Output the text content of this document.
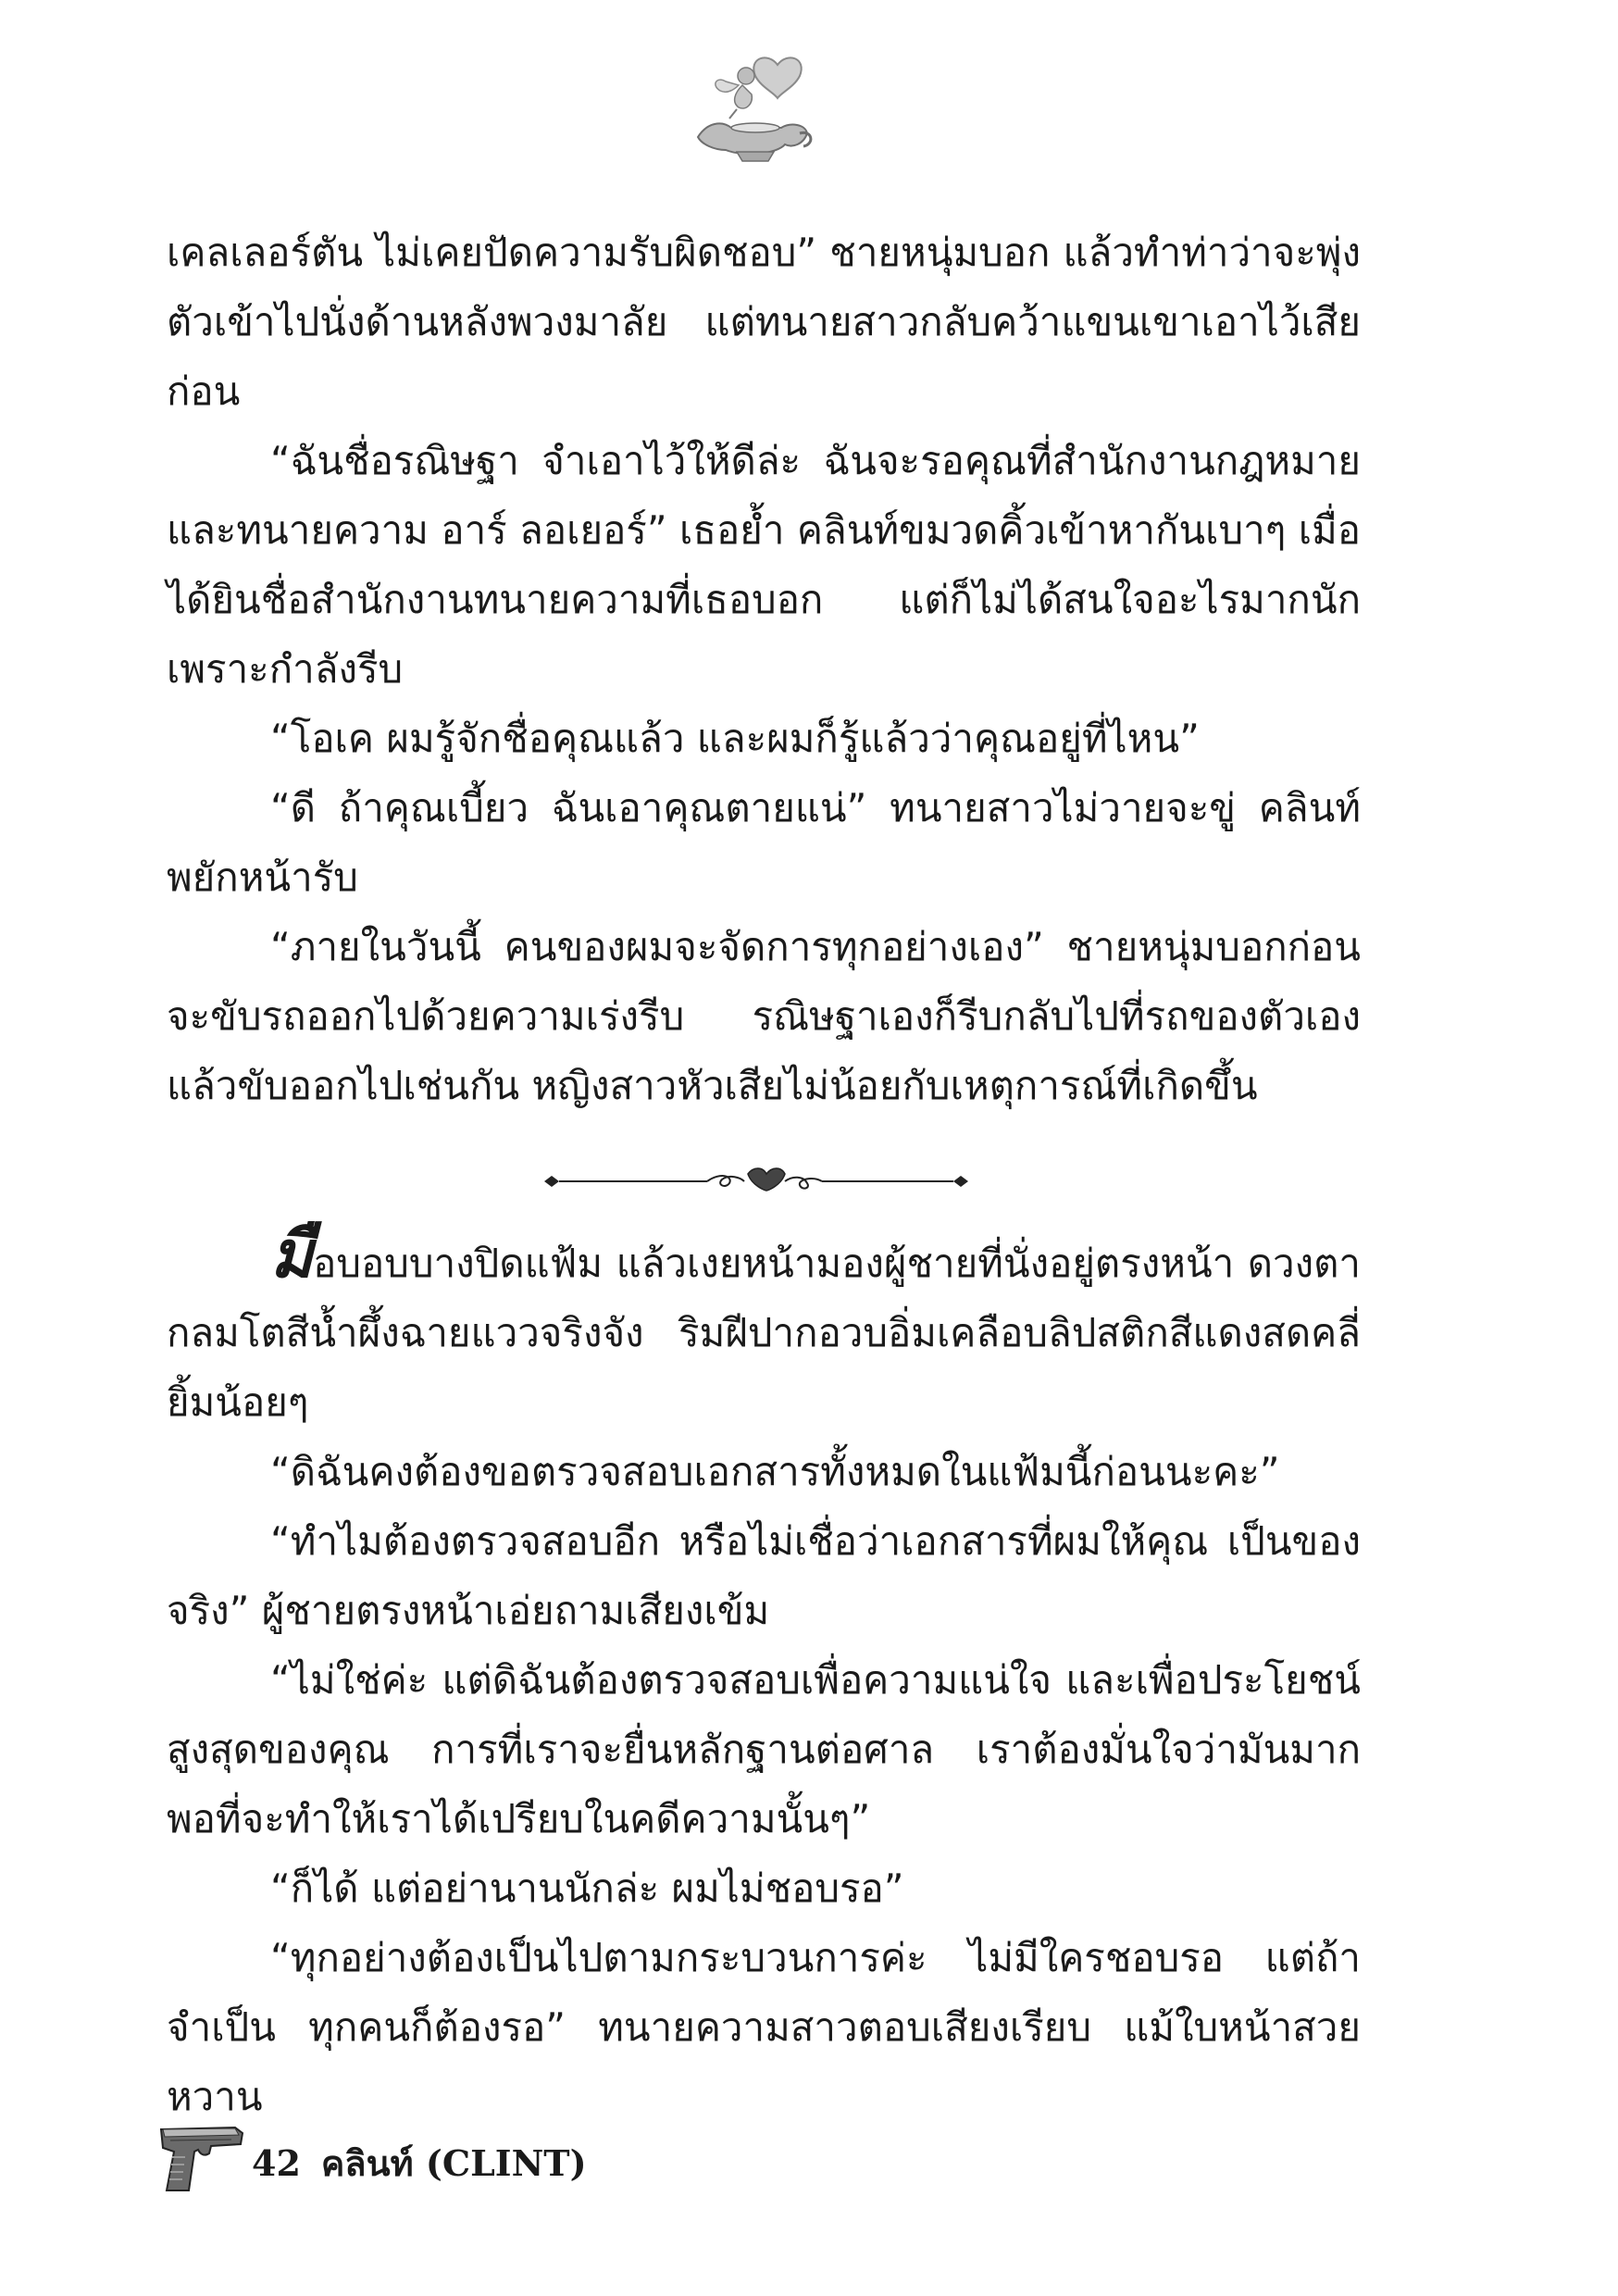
เคลเลอร์ตัน ไม่เคยปัดความรับผิดชอบ” ชายหนุ่มบอก แล้วทำท่าว่าจะพุ่งตัวเข้าไปนั่งด้านหลังพวงมาลัย แต่ทนายสาวกลับคว้าแขนเขาเอาไว้เสียก่อน

“ฉันชื่อรณิษฐา จำเอาไว้ให้ดีล่ะ ฉันจะรอคุณที่สำนักงานกฎหมายและทนายความ อาร์ ลอเยอร์” เธอย้ำ คลินท์ขมวดคิ้วเข้าหากันเบาๆ เมื่อได้ยินชื่อสำนักงานทนายความที่เธอบอก แต่ก็ไม่ได้สนใจอะไรมากนักเพราะกำลังรีบ

“โอเค ผมรู้จักชื่อคุณแล้ว และผมก็รู้แล้วว่าคุณอยู่ที่ไหน”

“ดี ถ้าคุณเบี้ยว ฉันเอาคุณตายแน่” ทนายสาวไม่วายจะขู่ คลินท์พยักหน้ารับ

“ภายในวันนี้ คนของผมจะจัดการทุกอย่างเอง” ชายหนุ่มบอกก่อนจะขับรถออกไปด้วยความเร่งรีบ รณิษฐาเองก็รีบกลับไปที่รถของตัวเองแล้วขับออกไปเช่นกัน หญิงสาวหัวเสียไม่น้อยกับเหตุการณ์ที่เกิดขึ้น

มือบอบบางปิดแฟ้ม แล้วเงยหน้ามองผู้ชายที่นั่งอยู่ตรงหน้า ดวงตากลมโตสีน้ำผึ้งฉายแววจริงจัง ริมฝีปากอวบอิ่มเคลือบลิปสติกสีแดงสดคลี่ยิ้มน้อยๆ

“ดิฉันคงต้องขอตรวจสอบเอกสารทั้งหมดในแฟ้มนี้ก่อนนะคะ”

“ทำไมต้องตรวจสอบอีก หรือไม่เชื่อว่าเอกสารที่ผมให้คุณ เป็นของจริง” ผู้ชายตรงหน้าเอ่ยถามเสียงเข้ม

“ไม่ใช่ค่ะ แต่ดิฉันต้องตรวจสอบเพื่อความแน่ใจ และเพื่อประโยชน์สูงสุดของคุณ การที่เราจะยื่นหลักฐานต่อศาล เราต้องมั่นใจว่ามันมากพอที่จะทำให้เราได้เปรียบในคดีความนั้นๆ”

“ก็ได้ แต่อย่านานนักล่ะ ผมไม่ชอบรอ”

“ทุกอย่างต้องเป็นไปตามกระบวนการค่ะ ไม่มีใครชอบรอ แต่ถ้าจำเป็น ทุกคนก็ต้องรอ” ทนายความสาวตอบเสียงเรียบ แม้ใบหน้าสวยหวาน

42 คลินท์ (CLINT)
